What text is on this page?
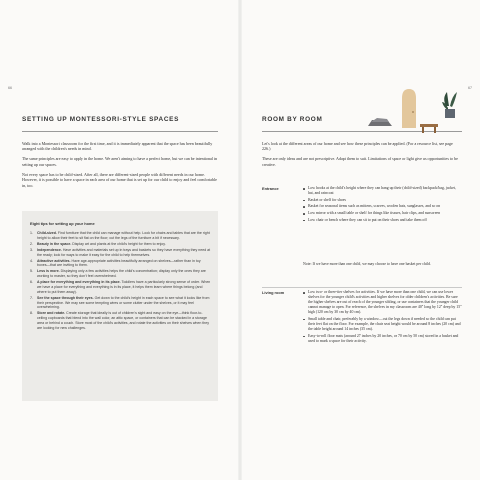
66
SETTING UP MONTESSORI-STYLE SPACES

Walk into a Montessori classroom for the first time, and it is immediately apparent that the space has been beautifully arranged with the children's needs in mind.

The same principles are easy to apply in the home. We aren't aiming to have a perfect home, but we can be intentional in setting up our spaces.

Not every space has to be child-sized. After all, there are different-sized people with different needs in our home. However, it is possible to have a space in each area of our home that is set up for our child to enjoy and feel comfortable in, too.

Eight tips for setting up your home
1. Child-sized. Find furniture that the child can manage without help. Look for chairs and tables that are the right height to allow their feet to sit flat on the floor; cut the legs of the furniture a bit if necessary.
2. Beauty in the space. Display art and plants at the child's height for them to enjoy.
3. Independence. Have activities and materials set up in trays and baskets so they have everything they need at the ready; look for ways to make it easy for the child to help themselves.
4. Attractive activities. Have age-appropriate activities beautifully arranged on shelves—rather than in toy boxes—that are inviting to them.
5. Less is more. Displaying only a few activities helps the child's concentration; display only the ones they are working to master, so they don't feel overwhelmed.
6. A place for everything and everything in its place. Toddlers have a particularly strong sense of order. When we have a place for everything and everything is in its place, it helps them learn where things belong (and where to put them away).
7. See the space through their eyes. Get down to the child's height in each space to see what it looks like from their perspective. We may see some tempting wires or some clutter under the shelves, or it may feel overwhelming.
8. Store and rotate. Create storage that ideally is out of children's sight and easy on the eye—think floor-to-ceiling cupboards that blend into the wall color, an attic space, or containers that can be stacked in a storage area or behind a couch. Store most of the child's activities, and rotate the activities on their shelves when they are looking for new challenges.
67
ROOM BY ROOM

Let's look at the different areas of our home and see how these principles can be applied. (For a resource list, see page 226.)

These are only ideas and are not prescriptive. Adapt them to suit. Limitations of space or light give us opportunities to be creative.

Entrance	Low hooks at the child's height where they can hang up their (child-sized) backpack/bag, jacket, hat, and raincoat
Basket or shelf for shoes
Basket for seasonal items such as mittens, scarves, woolen hats, sunglasses, and so on
Low mirror with a small table or shelf for things like tissues, hair clips, and sunscreen
Low chair or bench where they can sit to put on their shoes and take them off

Note: If we have more than one child, we may choose to have one basket per child.

Living room	Low two- or three-tier shelves for activities. If we have more than one child, we can use lower shelves for the younger child's activities and higher shelves for older children's activities. Be sure the higher shelves are out of reach of the younger sibling, or use containers that the younger child cannot manage to open. For reference, the shelves in my classroom are 40" long by 12" deep by 15" high (120 cm by 30 cm by 40 cm).
Small table and chair, preferably by a window—cut the legs down if needed so the child can put their feet flat on the floor. For example, the chair seat height would be around 8 inches (20 cm) and the table height around 14 inches (35 cm).
Easy-to-roll floor mats (around 27 inches by 20 inches, or 70 cm by 50 cm) stored in a basket and used to mark a space for their activity.
